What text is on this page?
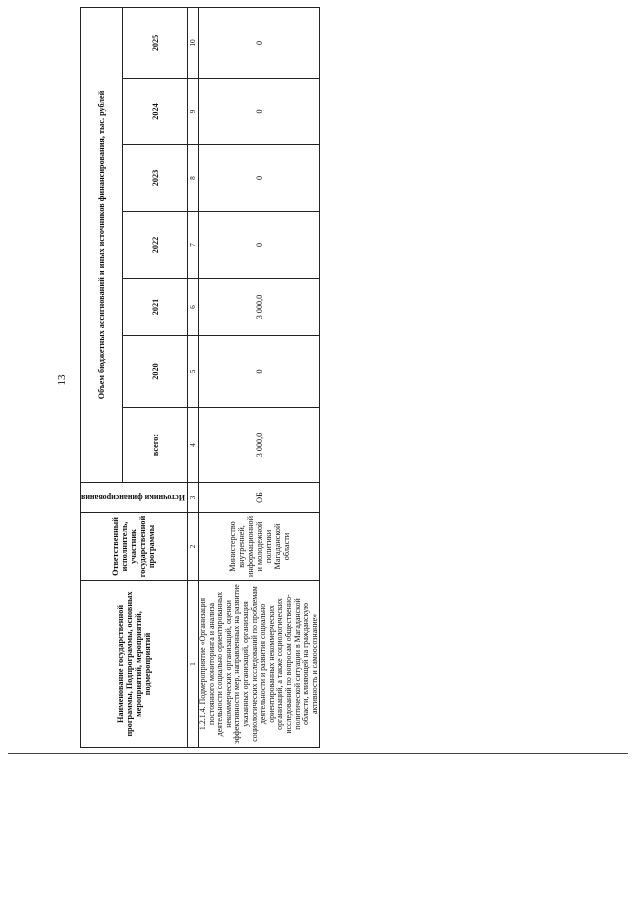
13
Наименование государственной программы, Подпрограммы, основных мероприятий, мероприятий, подмероприятий	Ответственный исполнитель, участник государственной программы	Источники финансирования	Объем бюджетных ассигнований и иных источников финансирования, тыс. рублей						
			всего:	2020	2021	2022	2023	2024	2025
1	2	3	4	5	6	7	8	9	10
1.2.1.4. Подмероприятие «Организация постоянного мониторинга и анализа деятельности социально ориентированных некоммерческих организаций, оценки эффективности мер, направленных на развитие указанных организаций, организация социологических исследований по проблемам деятельности и развития социально ориентированных некоммерческих организаций, а также социологических исследований по вопросам общественно-политической ситуации в Магаданской области, влияющей на гражданскую активность и самоосознание»	Министерство внутренней, информационной и молодежной политики Магаданской области	ОБ	3 000,0	0	3 000,0	0	0	0	0
